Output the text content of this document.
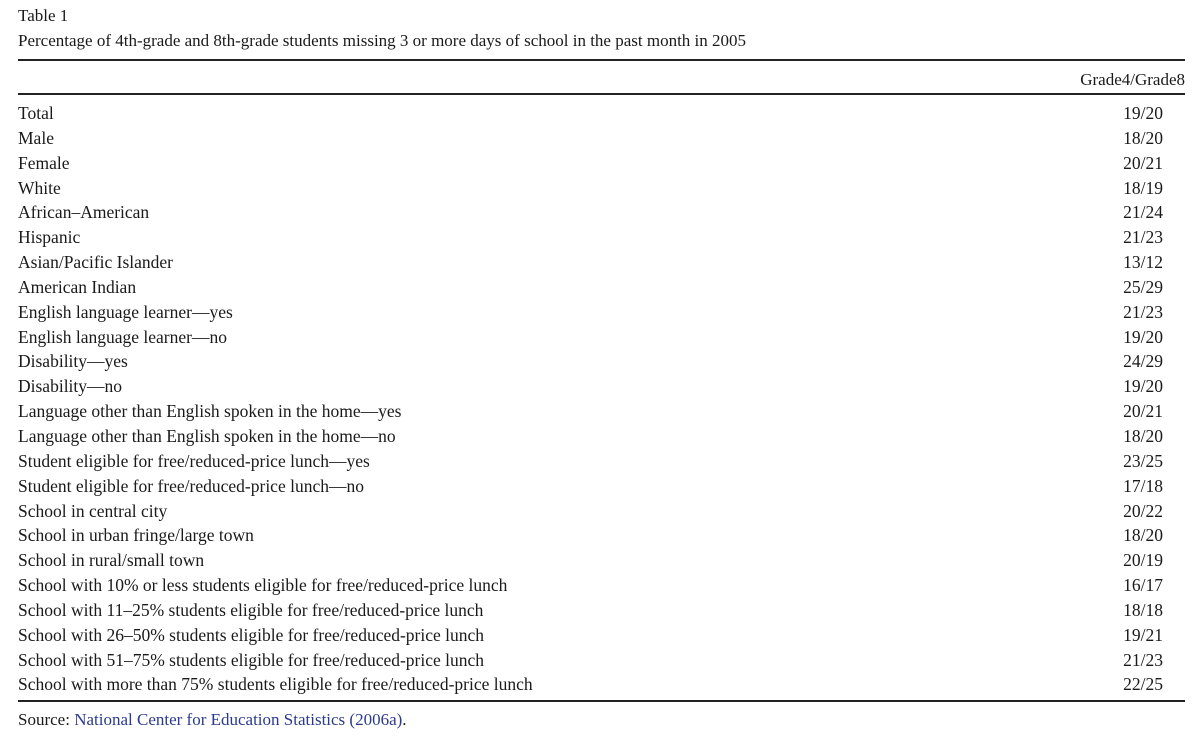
Table 1
Percentage of 4th-grade and 8th-grade students missing 3 or more days of school in the past month in 2005
Grade4/Grade8
Total	19/20
Male	18/20
Female	20/21
White	18/19
African–American	21/24
Hispanic	21/23
Asian/Pacific Islander	13/12
American Indian	25/29
English language learner—yes	21/23
English language learner—no	19/20
Disability—yes	24/29
Disability—no	19/20
Language other than English spoken in the home—yes	20/21
Language other than English spoken in the home—no	18/20
Student eligible for free/reduced-price lunch—yes	23/25
Student eligible for free/reduced-price lunch—no	17/18
School in central city	20/22
School in urban fringe/large town	18/20
School in rural/small town	20/19
School with 10% or less students eligible for free/reduced-price lunch	16/17
School with 11–25% students eligible for free/reduced-price lunch	18/18
School with 26–50% students eligible for free/reduced-price lunch	19/21
School with 51–75% students eligible for free/reduced-price lunch	21/23
School with more than 75% students eligible for free/reduced-price lunch	22/25
Source: National Center for Education Statistics (2006a).
